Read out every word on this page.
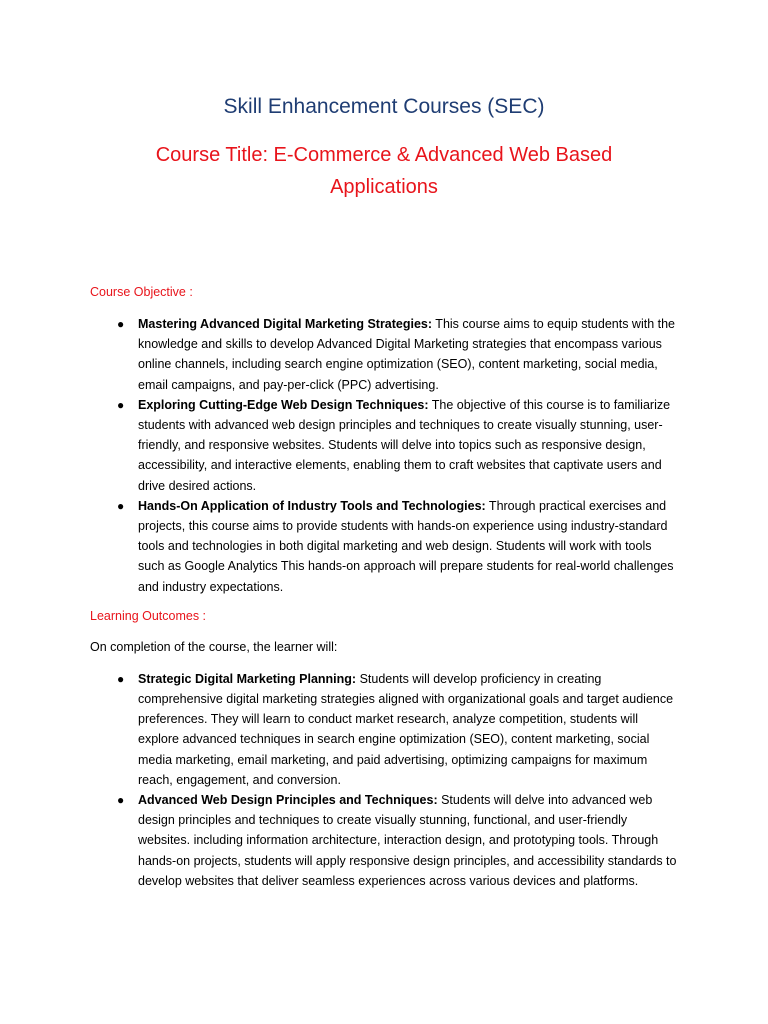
Skill Enhancement Courses (SEC)
Course Title: E-Commerce & Advanced Web Based Applications

Course Objective :

● Mastering Advanced Digital Marketing Strategies: This course aims to equip students with the knowledge and skills to develop Advanced Digital Marketing strategies that encompass various online channels, including search engine optimization (SEO), content marketing, social media, email campaigns, and pay-per-click (PPC) advertising.
● Exploring Cutting-Edge Web Design Techniques: The objective of this course is to familiarize students with advanced web design principles and techniques to create visually stunning, user-friendly, and responsive websites. Students will delve into topics such as responsive design, accessibility, and interactive elements, enabling them to craft websites that captivate users and drive desired actions.
● Hands-On Application of Industry Tools and Technologies: Through practical exercises and projects, this course aims to provide students with hands-on experience using industry-standard tools and technologies in both digital marketing and web design. Students will work with tools such as Google Analytics This hands-on approach will prepare students for real-world challenges and industry expectations.

Learning Outcomes :

On completion of the course, the learner will:

● Strategic Digital Marketing Planning: Students will develop proficiency in creating comprehensive digital marketing strategies aligned with organizational goals and target audience preferences. They will learn to conduct market research, analyze competition, students will explore advanced techniques in search engine optimization (SEO), content marketing, social media marketing, email marketing, and paid advertising, optimizing campaigns for maximum reach, engagement, and conversion.
● Advanced Web Design Principles and Techniques: Students will delve into advanced web design principles and techniques to create visually stunning, functional, and user-friendly websites. including information architecture, interaction design, and prototyping tools. Through hands-on projects, students will apply responsive design principles, and accessibility standards to develop websites that deliver seamless experiences across various devices and platforms.
